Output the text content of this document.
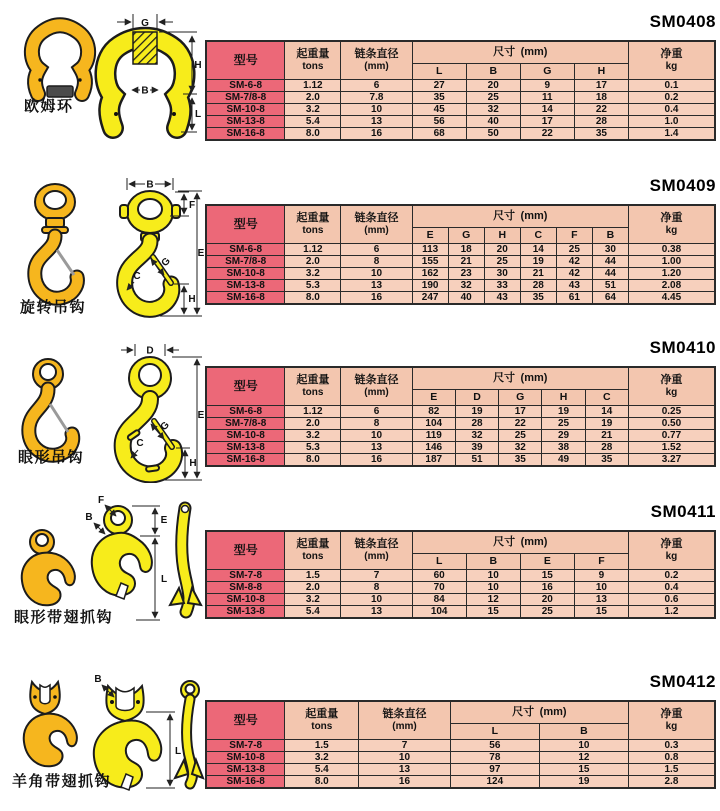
G
H
B
L
欧姆环
SM0408
型号	起重量
tons

链条直径
(mm)
	尺寸 (mm)	净重
kg

			L	B	G	H	
SM-6-8	1.12	6	27	20	9	17	0.1
SM-7/8-8	2.0	7.8	35	25	11	18	0.2
SM-10-8	3.2	10	45	32	14	22	0.4
SM-13-8	5.4	13	56	40	17	28	1.0
SM-16-8	8.0	16	68	50	22	35	1.4
B
F
E
G
C
H
旋转吊钩
SM0409
型号	起重量
tons

链条直径
(mm)
	尺寸 (mm)	净重
kg

			E	G	H	C	F	B	
SM-6-8	1.12	6	113	18	20	14	25	30	0.38
SM-7/8-8	2.0	8	155	21	25	19	42	44	1.00
SM-10-8	3.2	10	162	23	30	21	42	44	1.20
SM-13-8	5.3	13	190	32	33	28	43	51	2.08
SM-16-8	8.0	16	247	40	43	35	61	64	4.45
D
G
E
C
H
眼形吊钩
SM0410
型号	起重量
tons

链条直径
(mm)
	尺寸 (mm)	净重
kg

			E	D	G	H	C	
SM-6-8	1.12	6	82	19	17	19	14	0.25
SM-7/8-8	2.0	8	104	28	22	25	19	0.50
SM-10-8	3.2	10	119	32	25	29	21	0.77
SM-13-8	5.3	13	146	39	32	38	28	1.52
SM-16-8	8.0	16	187	51	35	49	35	3.27
F
B	E
L
眼形带翅抓钩
SM0411
型号	起重量
tons

链条直径
(mm)
	尺寸 (mm)	净重
kg

			L	B	E	F	
SM-7-8	1.5	7	60	10	15	9	0.2
SM-8-8	2.0	8	70	10	16	10	0.4
SM-10-8	3.2	10	84	12	20	13	0.6
SM-13-8	5.4	13	104	15	25	15	1.2
B
L
羊角带翅抓钩
SM0412
型号	起重量
tons

链条直径
(mm)
	尺寸 (mm)	净重
kg

			L	B	
SM-7-8	1.5	7	56	10	0.3
SM-10-8	3.2	10	78	12	0.8
SM-13-8	5.4	13	97	15	1.5
SM-16-8	8.0	16	124	19	2.8
